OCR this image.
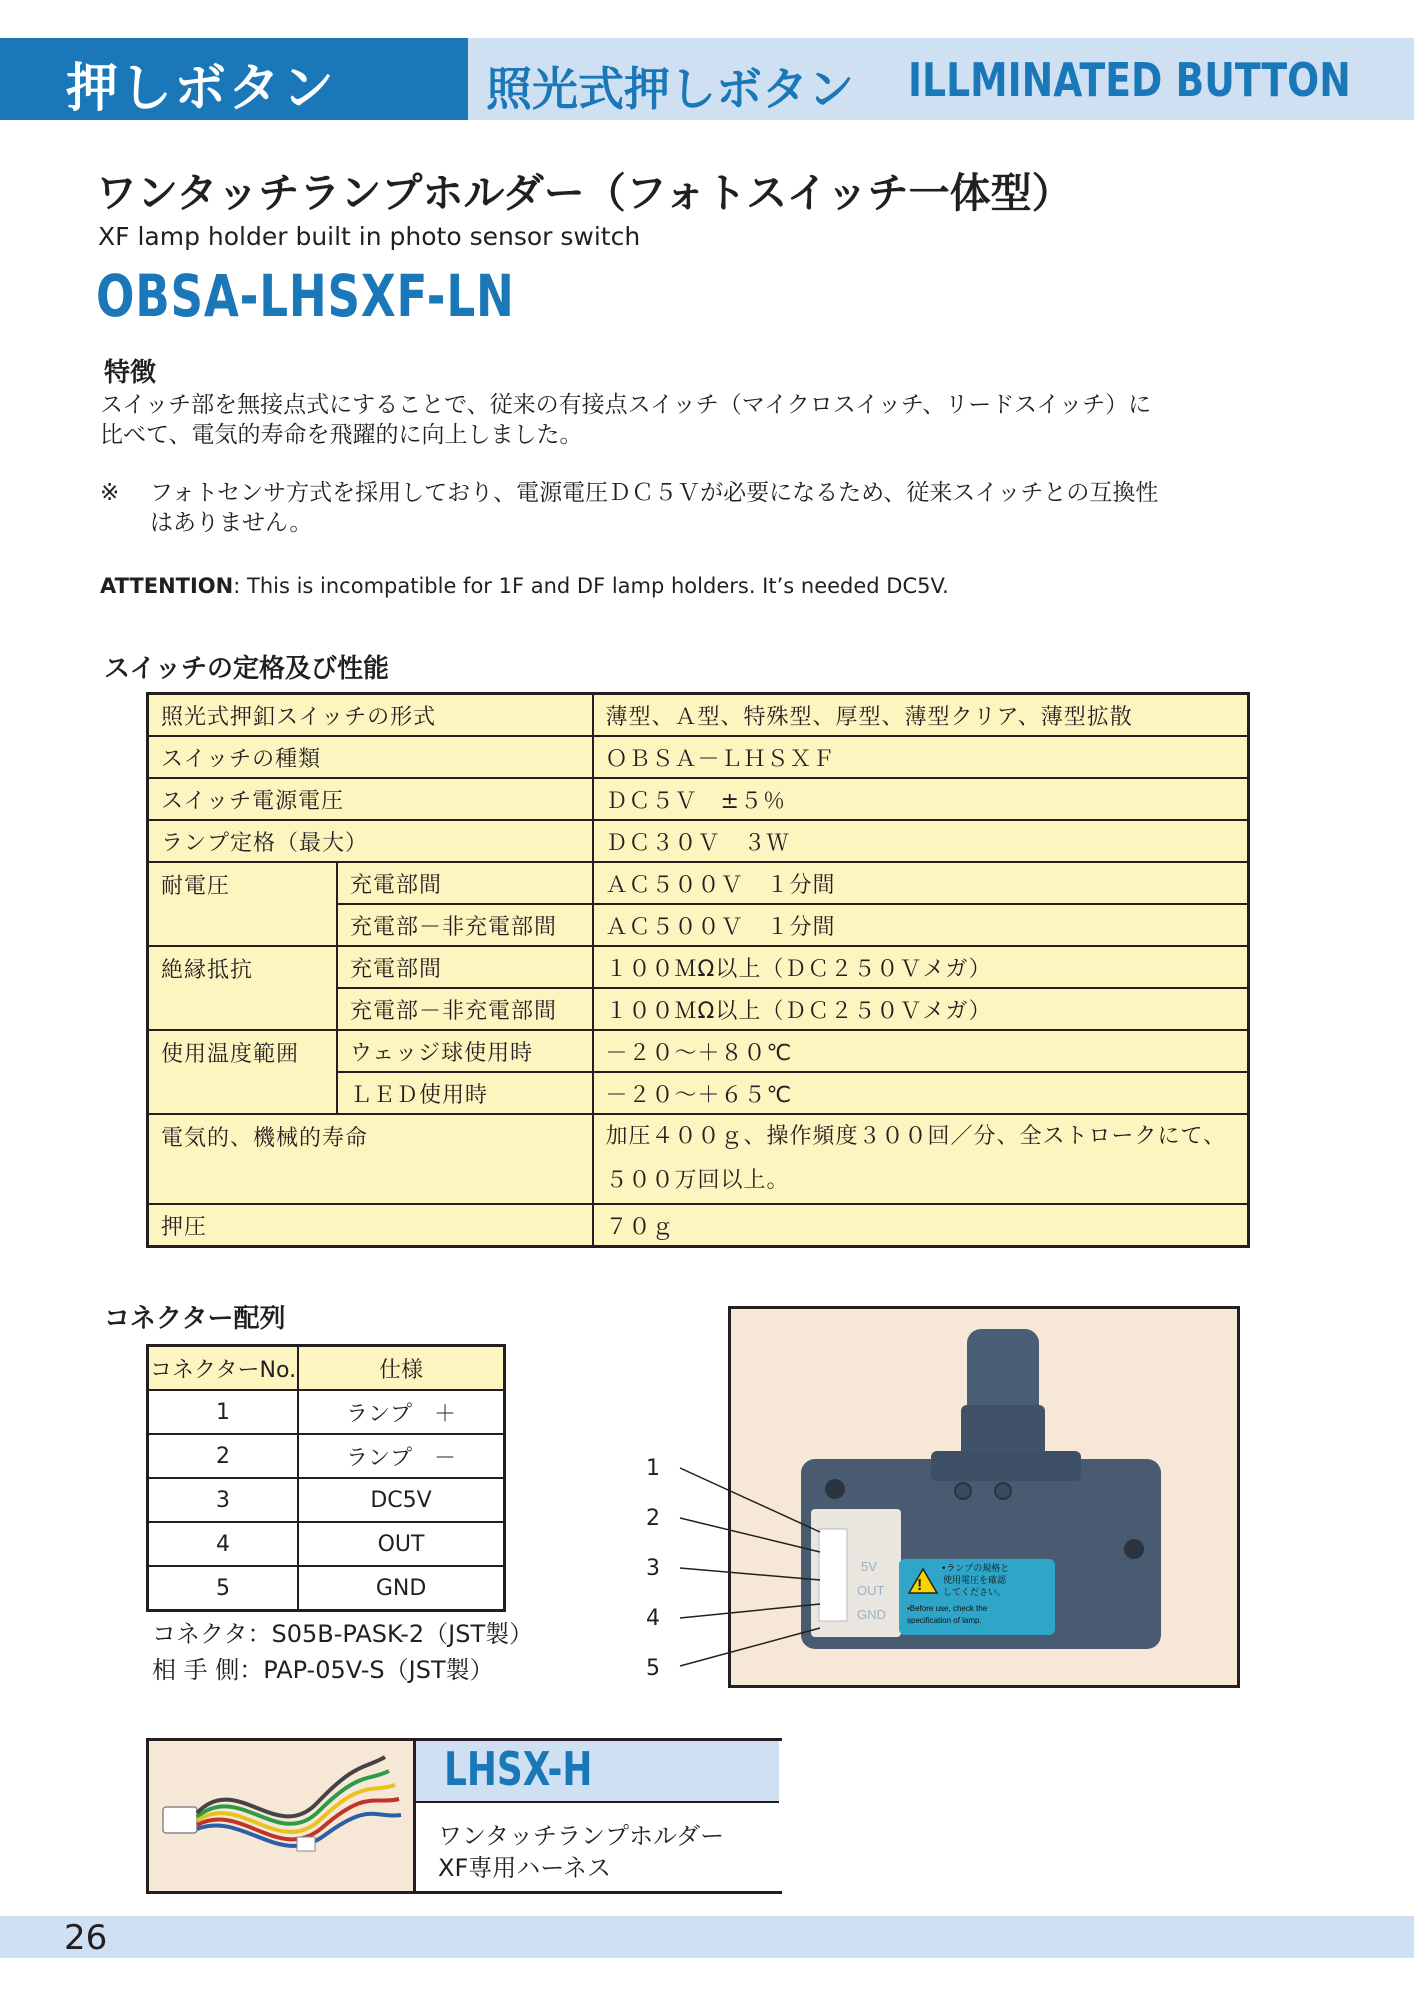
押しボタン	照光式押しボタン ILLMINATED BUTTON
ワンタッチランプホルダー（フォトスイッチ一体型）
XF lamp holder built in photo sensor switch
OBSA-LHSXF-LN
特徴
スイッチ部を無接点式にすることで、従来の有接点スイッチ（マイクロスイッチ、リードスイッチ）に
比べて、電気的寿命を飛躍的に向上しました。
※ フォトセンサ方式を採用しており、電源電圧ＤＣ５Ｖが必要になるため、従来スイッチとの互換性
はありません。
ATTENTION: This is incompatible for 1F and DF lamp holders. It’s needed DC5V.
スイッチの定格及び性能
照光式押釦スイッチの形式		薄型、Ａ型、特殊型、厚型、薄型クリア、薄型拡散
スイッチの種類		ＯＢＳＡ－ＬＨＳＸＦ
スイッチ電源電圧		ＤＣ５Ｖ　±５％
ランプ定格（最大）		ＤＣ３０Ｖ　３Ｗ
耐電圧	充電部間	ＡＣ５００Ｖ　１分間
	充電部－非充電部間	ＡＣ５００Ｖ　１分間
絶縁抵抗	充電部間	１００ＭΩ以上（ＤＣ２５０Ｖメガ）
	充電部－非充電部間	１００ＭΩ以上（ＤＣ２５０Ｖメガ）
使用温度範囲	ウェッジ球使用時	－２０～＋８０℃
	ＬＥＤ使用時	－２０～＋６５℃
電気的、機械的寿命		加圧４００ｇ、操作頻度３００回／分、全ストロークにて、
５００万回以上。

押圧		７０ｇ
コネクター配列
コネクターNo.	仕様
1	ランプ　＋
2	ランプ　－
3	DC5V
4	OUT
5	GND
コネクタ：S05B-PASK-2（JST製）
相 手 側：PAP-05V-S（JST製）
1
2
3
4
5
!
•ランプの規格と
使用電圧を確認
してください。
•Before use, check the
specification of lamp.
5V
OUT
GND
LHSX-H
ワンタッチランプホルダー
XF専用ハーネス
26
